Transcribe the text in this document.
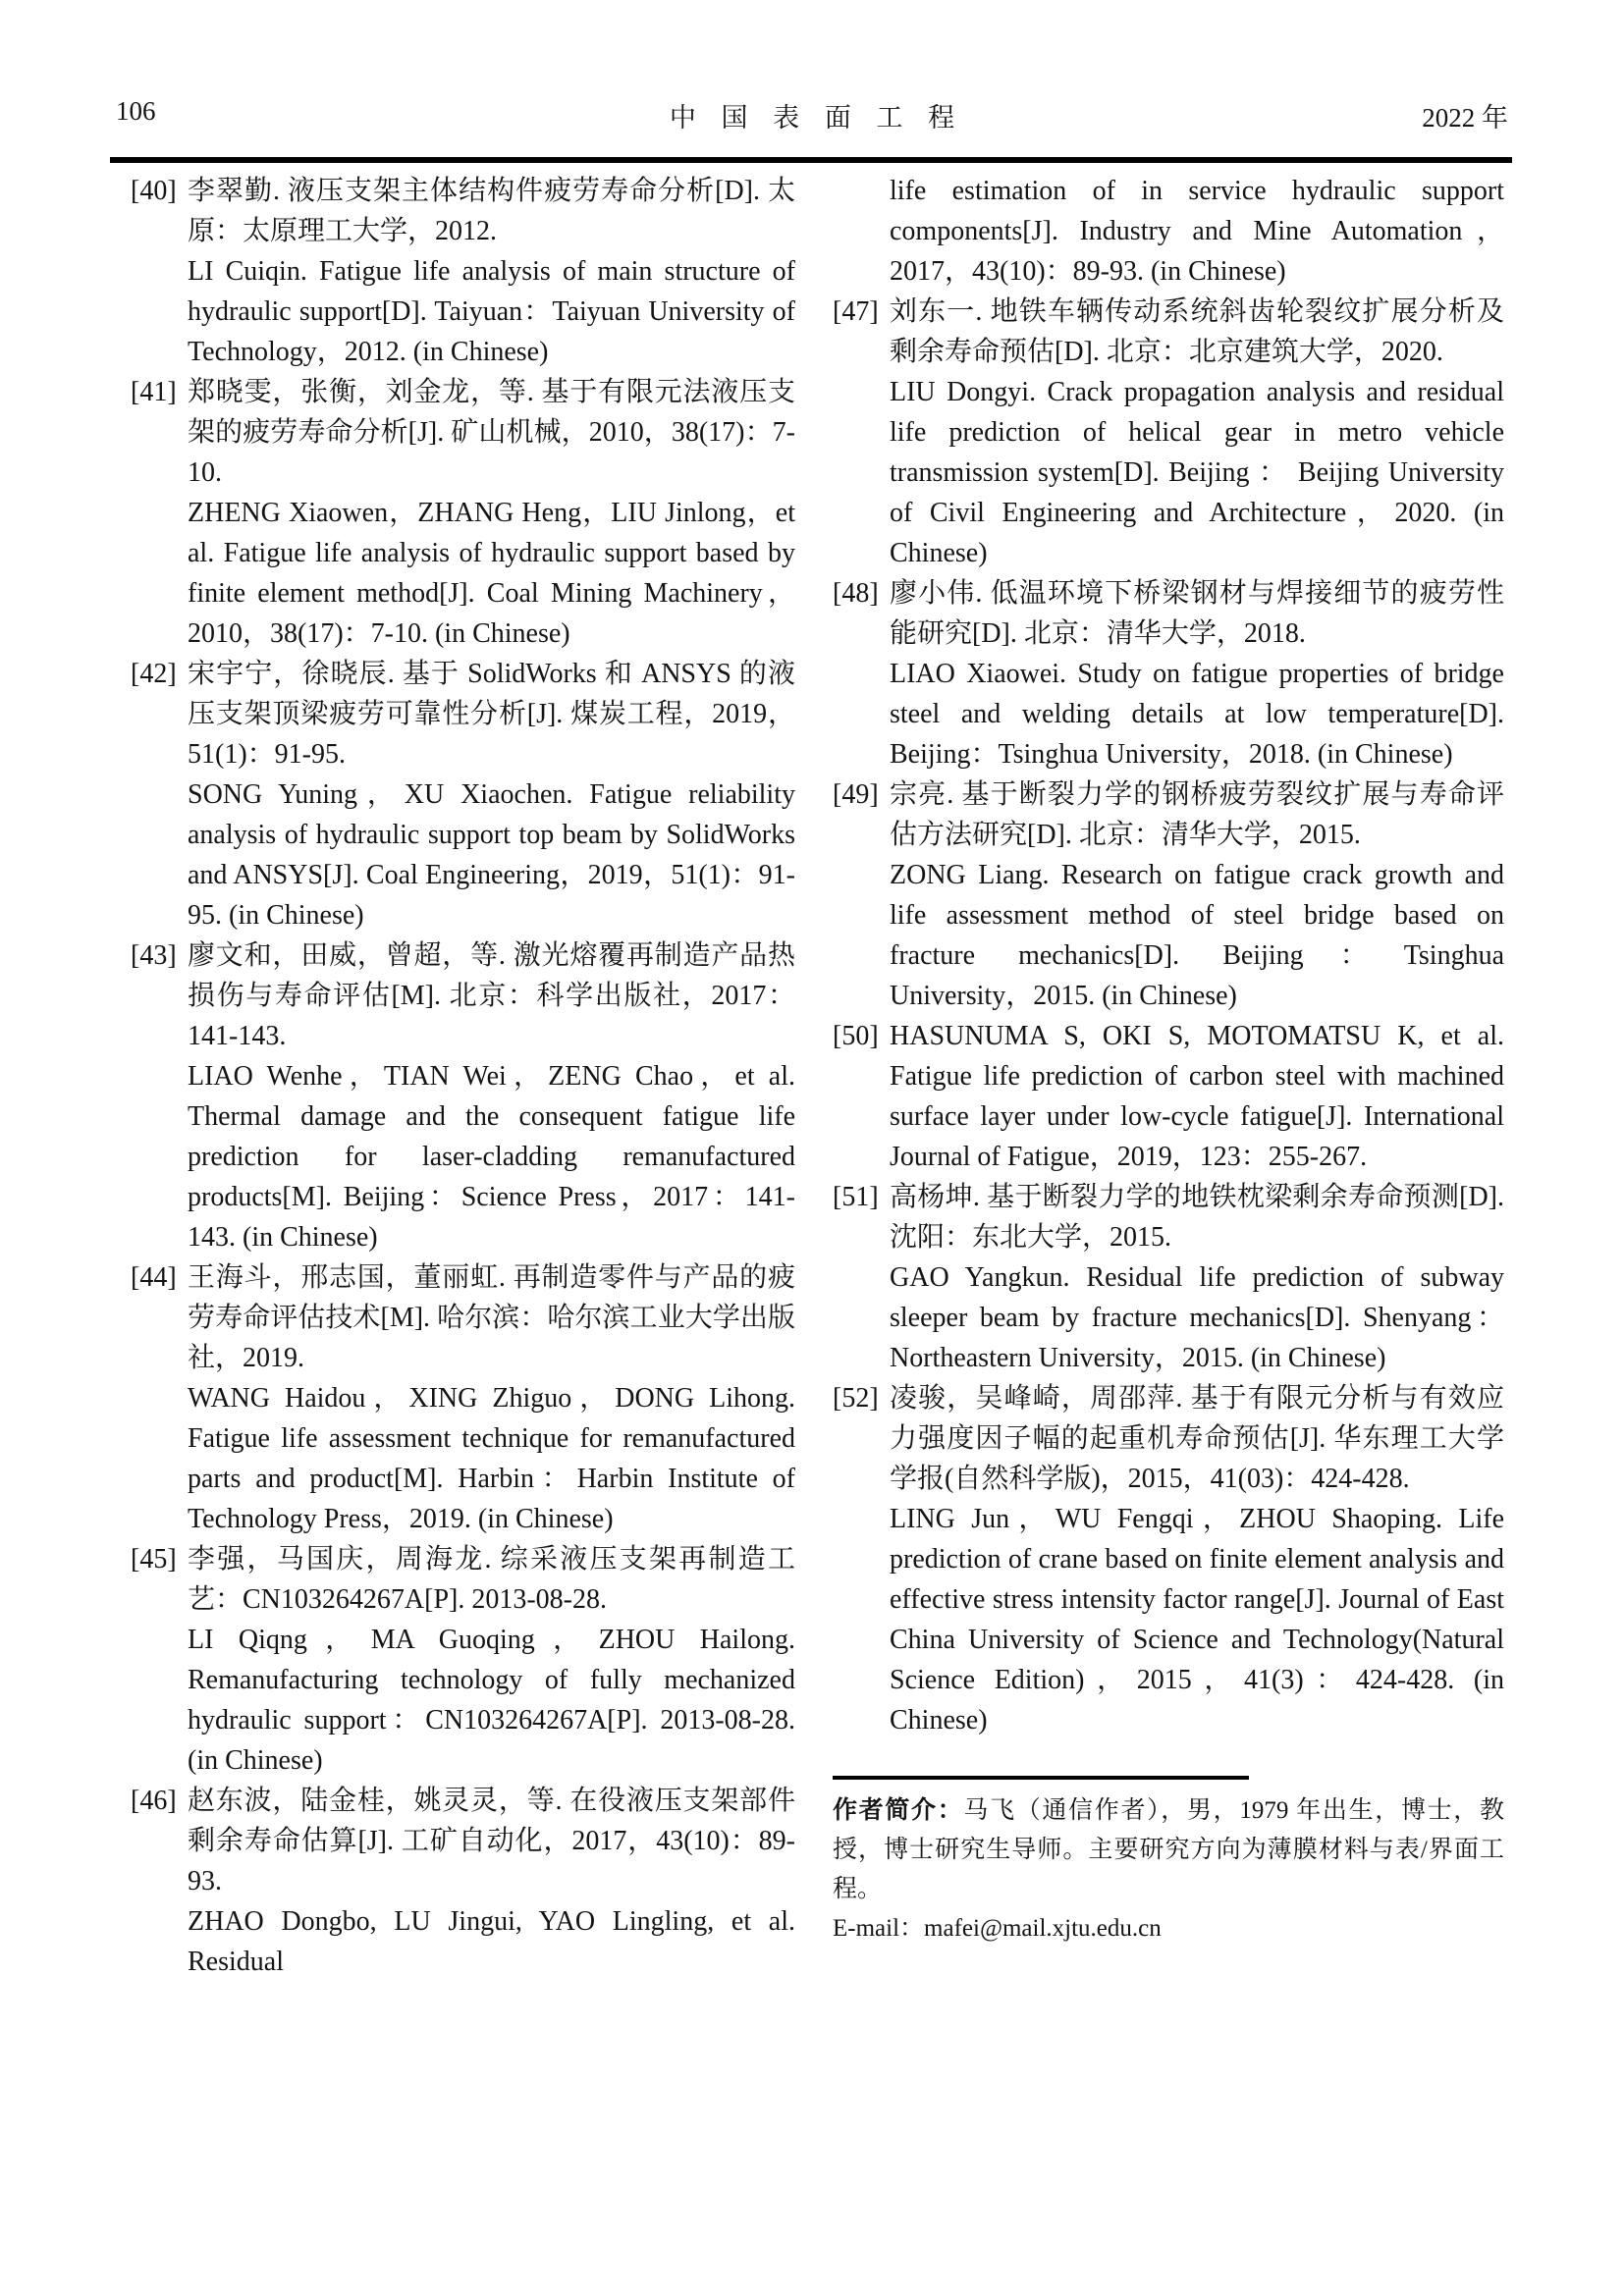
106	中国表面工程	2022 年
[40] 李翠勤. 液压支架主体结构件疲劳寿命分析[D]. 太原：太原理工大学，2012.

LI Cuiqin. Fatigue life analysis of main structure of hydraulic support[D]. Taiyuan：Taiyuan University of Technology，2012. (in Chinese)

[41] 郑晓雯，张衡，刘金龙，等. 基于有限元法液压支架的疲劳寿命分析[J]. 矿山机械，2010，38(17)：7-10.

ZHENG Xiaowen，ZHANG Heng，LIU Jinlong，et al. Fatigue life analysis of hydraulic support based by finite element method[J]. Coal Mining Machinery，2010，38(17)：7-10. (in Chinese)

[42] 宋宇宁，徐晓辰. 基于 SolidWorks 和 ANSYS 的液压支架顶梁疲劳可靠性分析[J]. 煤炭工程，2019，51(1)：91-95.

SONG Yuning，XU Xiaochen. Fatigue reliability analysis of hydraulic support top beam by SolidWorks and ANSYS[J]. Coal Engineering，2019，51(1)：91-95. (in Chinese)

[43] 廖文和，田威，曾超，等. 激光熔覆再制造产品热损伤与寿命评估[M]. 北京：科学出版社，2017：141-143.

LIAO Wenhe，TIAN Wei，ZENG Chao，et al. Thermal damage and the consequent fatigue life prediction for laser-cladding remanufactured products[M]. Beijing：Science Press，2017：141-143. (in Chinese)

[44] 王海斗，邢志国，董丽虹. 再制造零件与产品的疲劳寿命评估技术[M]. 哈尔滨：哈尔滨工业大学出版社，2019.

WANG Haidou，XING Zhiguo，DONG Lihong. Fatigue life assessment technique for remanufactured parts and product[M]. Harbin：Harbin Institute of Technology Press，2019. (in Chinese)

[45] 李强，马国庆，周海龙. 综采液压支架再制造工艺：CN103264267A[P]. 2013-08-28.

LI Qiqng，MA Guoqing，ZHOU Hailong. Remanufacturing technology of fully mechanized hydraulic support：CN103264267A[P]. 2013-08-28. (in Chinese)

[46] 赵东波，陆金桂，姚灵灵，等. 在役液压支架部件剩余寿命估算[J]. 工矿自动化，2017，43(10)：89-93.

ZHAO Dongbo, LU Jingui, YAO Lingling, et al. Residual

life estimation of in service hydraulic support components[J]. Industry and Mine Automation， 2017，43(10)：89-93. (in Chinese)

[47] 刘东一. 地铁车辆传动系统斜齿轮裂纹扩展分析及剩余寿命预估[D]. 北京：北京建筑大学，2020.

LIU Dongyi. Crack propagation analysis and residual life prediction of helical gear in metro vehicle transmission system[D]. Beijing ： Beijing University of Civil Engineering and Architecture，2020. (in Chinese)

[48] 廖小伟. 低温环境下桥梁钢材与焊接细节的疲劳性能研究[D]. 北京：清华大学，2018.

LIAO Xiaowei. Study on fatigue properties of bridge steel and welding details at low temperature[D]. Beijing：Tsinghua University，2018. (in Chinese)

[49] 宗亮. 基于断裂力学的钢桥疲劳裂纹扩展与寿命评估方法研究[D]. 北京：清华大学，2015.

ZONG Liang. Research on fatigue crack growth and life assessment method of steel bridge based on fracture mechanics[D]. Beijing：Tsinghua University，2015. (in Chinese)

[50] HASUNUMA S, OKI S, MOTOMATSU K, et al. Fatigue life prediction of carbon steel with machined surface layer under low-cycle fatigue[J]. International Journal of Fatigue，2019，123：255-267.

[51] 高杨坤. 基于断裂力学的地铁枕梁剩余寿命预测[D]. 沈阳：东北大学，2015.

GAO Yangkun. Residual life prediction of subway sleeper beam by fracture mechanics[D]. Shenyang：Northeastern University，2015. (in Chinese)

[52] 凌骏，吴峰崎，周邵萍. 基于有限元分析与有效应力强度因子幅的起重机寿命预估[J]. 华东理工大学学报(自然科学版)，2015，41(03)：424-428.

LING Jun，WU Fengqi，ZHOU Shaoping. Life prediction of crane based on finite element analysis and effective stress intensity factor range[J]. Journal of East China University of Science and Technology(Natural Science Edition)，2015，41(3)：424-428. (in Chinese)

作者简介：马飞（通信作者），男，1979 年出生，博士，教授，博士研究生导师。主要研究方向为薄膜材料与表/界面工程。

E-mail：mafei@mail.xjtu.edu.cn
